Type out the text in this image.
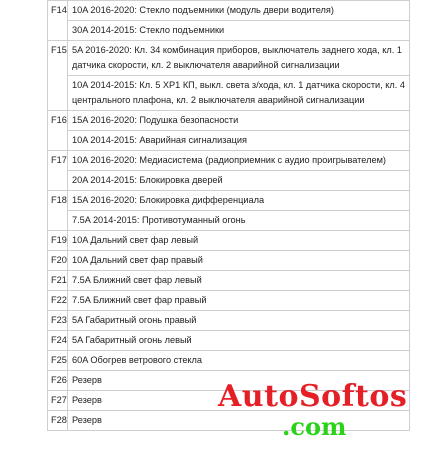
F14	10A 2016-2020: Стекло подъемники (модуль двери водителя)
	30A 2014-2015: Стекло подъемники
F15	5A 2016-2020: Кл. 34 комбинация приборов, выключатель заднего хода, кл. 1 датчика скорости, кл. 2 выключателя аварийной сигнализации
	10A 2014-2015: Кл. 5 ХР1 КП, выкл. света з/хода, кл. 1 датчика скорости, кл. 4 центрального плафона, кл. 2 выключателя аварийной сигнализации
F16	15A 2016-2020: Подушка безопасности
	10A 2014-2015: Аварийная сигнализация
F17	10A 2016-2020: Медиасистема (радиоприемник с аудио проигрывателем)
	20A 2014-2015: Блокировка дверей
F18	15A 2016-2020: Блокировка дифференциала
	7.5A 2014-2015: Противотуманный огонь
F19	10A Дальний свет фар левый
F20	10A Дальний свет фар правый
F21	7.5A Ближний свет фар левый
F22	7.5A Ближний свет фар правый
F23	5A Габаритный огонь правый
F24	5A Габаритный огонь левый
F25	60A Обогрев ветрового стекла
F26	Резерв
F27	Резерв
F28	Резерв
AutoSoftos
.com
